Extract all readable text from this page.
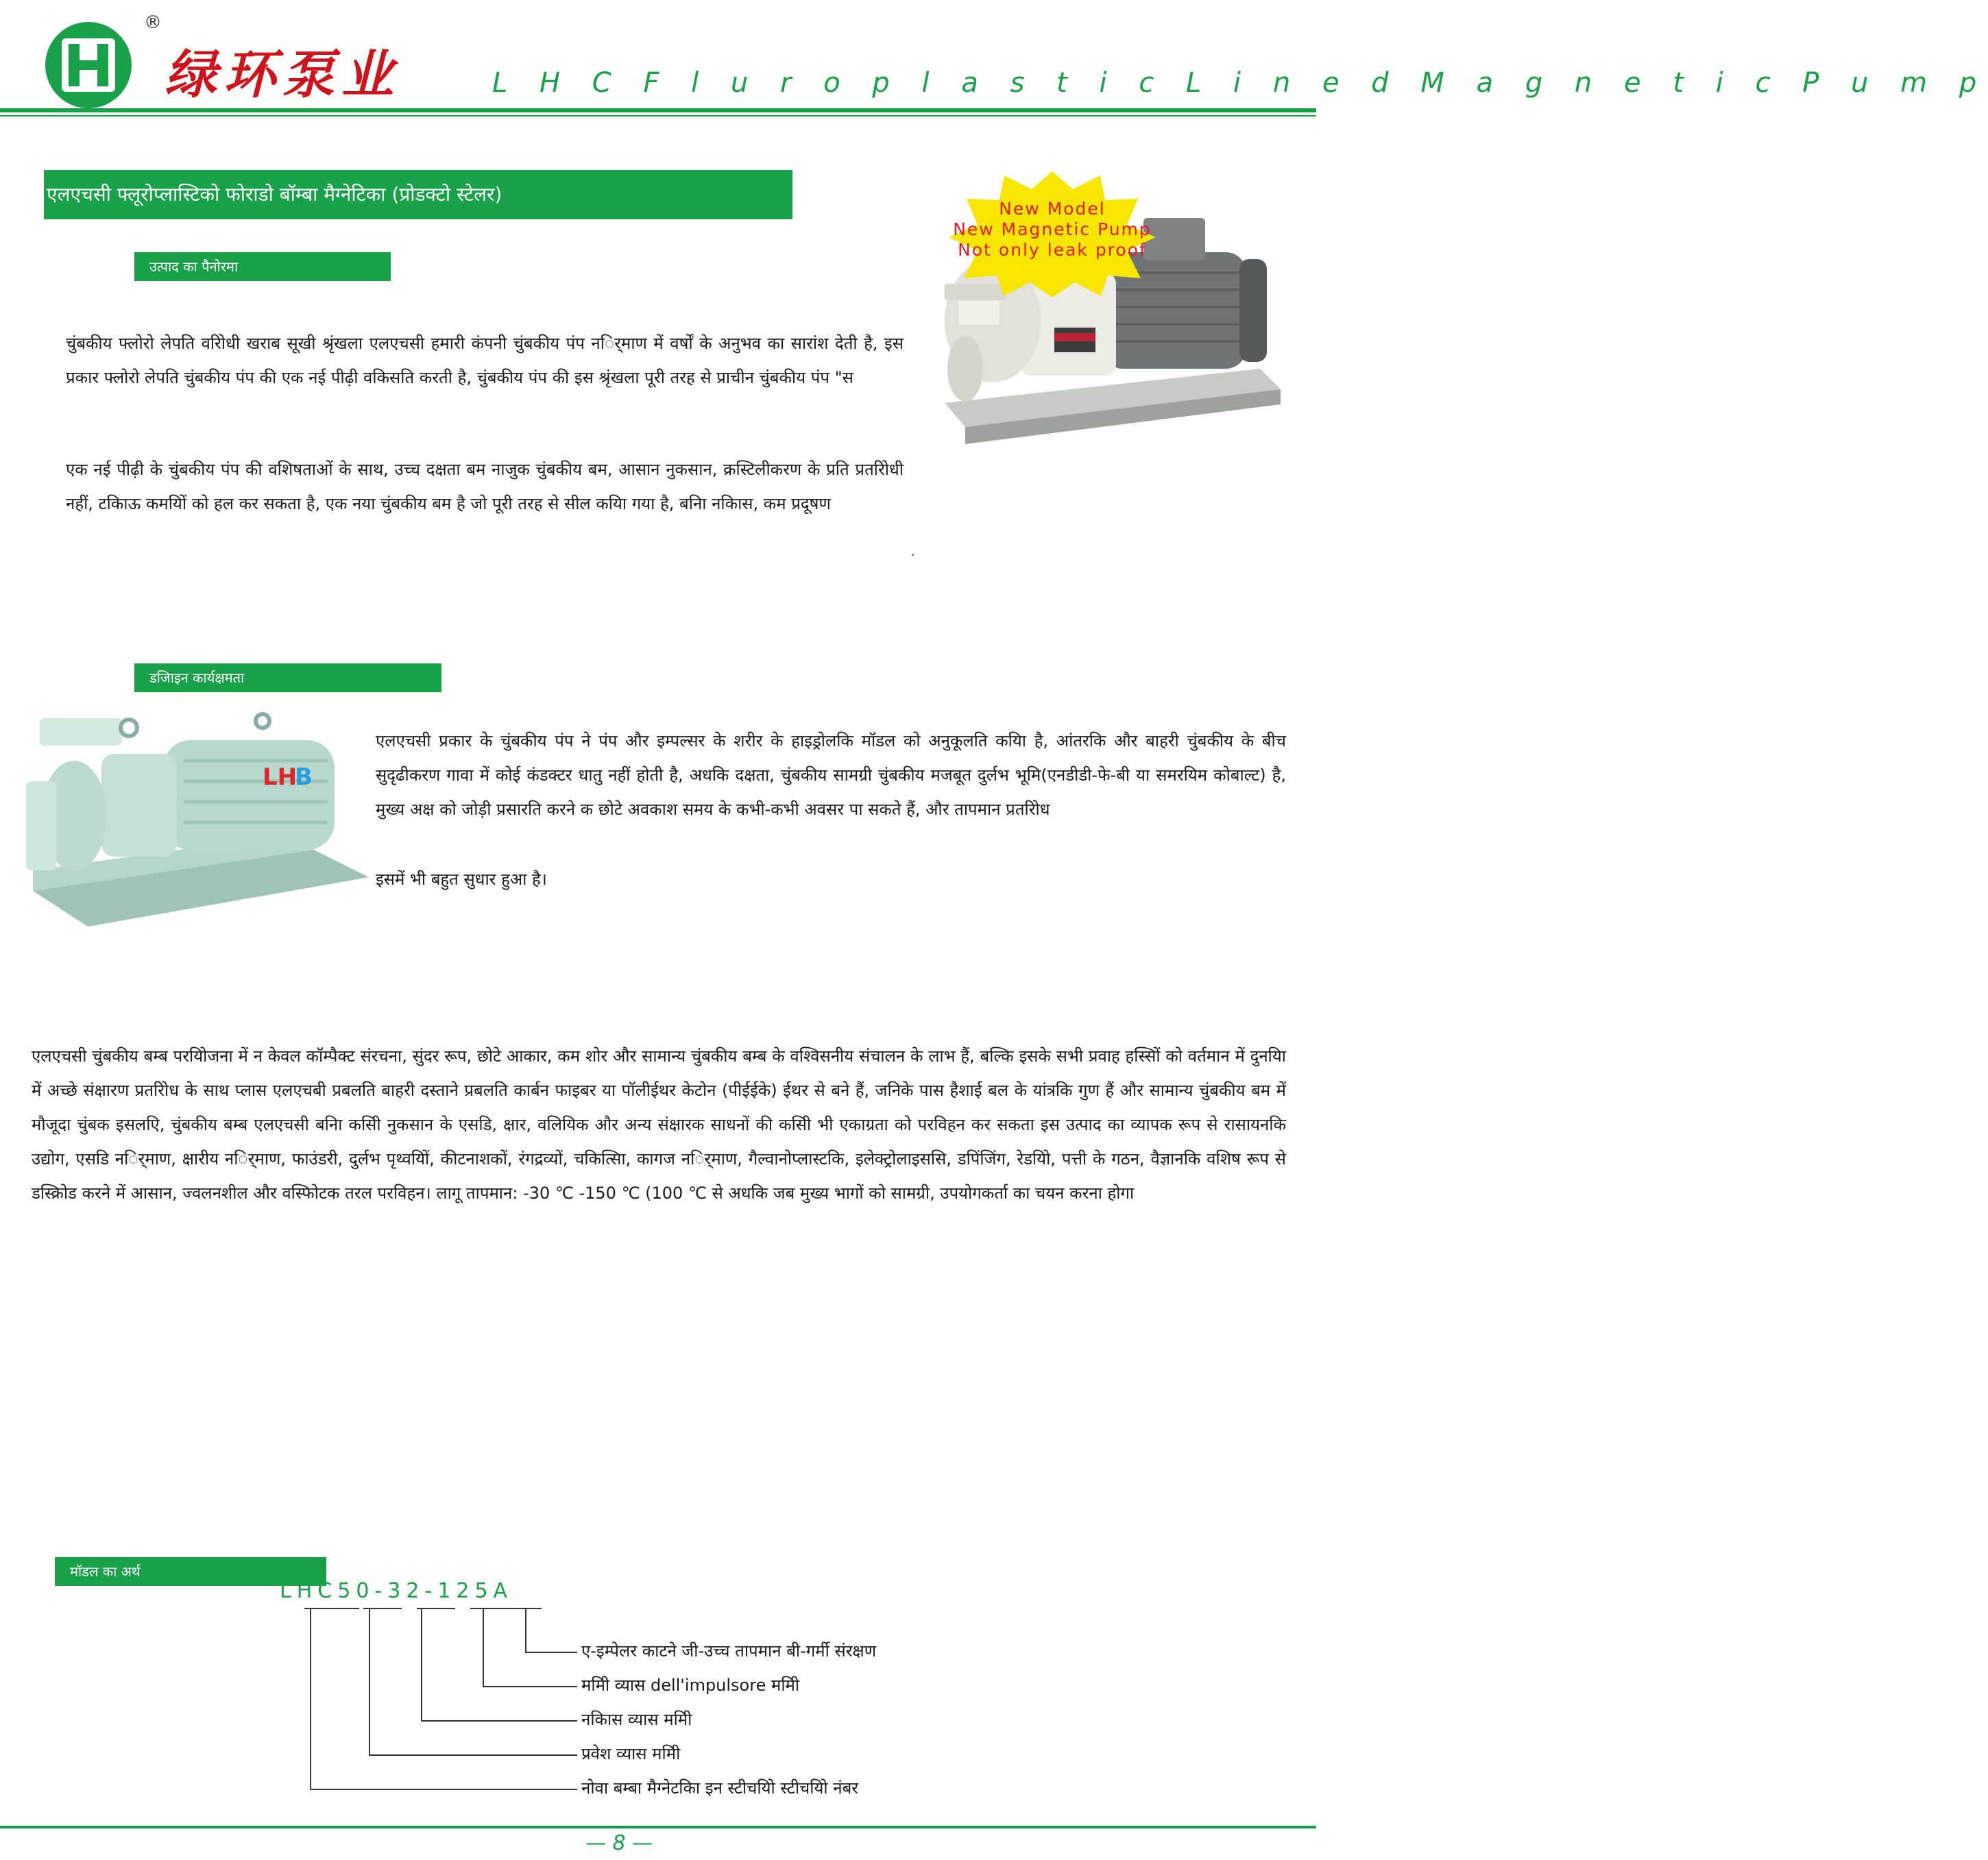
®
绿环泵业	L H C F l u r o p l a s t i c L i n e d M a g n e t i c P u m p
एलएचसी फ्लूरोप्लास्टिको फोराडो बॉम्बा मैग्नेटिका (प्रोडक्टो स्टेलर)
उत्पाद का पैनोरमा
चुंबकीय फ्लोरो लेपति वरिोधी खराब सूखी श्रृंखला एलएचसी हमारी कंपनी चुंबकीय पंप नर्िमाण में वर्षों के अनुभव का सारांश देती है, इस प्रकार फ्लोरो लेपति चुंबकीय पंप की एक नई पीढ़ी वकिसति करती है, चुंबकीय पंप की इस श्रृंखला पूरी तरह से प्राचीन चुंबकीय पंप "स
एक नई पीढ़ी के चुंबकीय पंप की वशिषताओं के साथ, उच्च दक्षता बम नाजुक चुंबकीय बम, आसान नुकसान, क्रस्टिलीकरण के प्रत‌ि प्रतरिोधी नहीं, टकिाऊ कमयिों को हल कर सकता है, एक नया चुंबकीय बम है जो पूरी तरह से सील कयिा गया है, बनिा नकिास, कम प्रदूषण
New Model
New Magnetic Pump
Not only leak proof
डजिाइन कार्यक्षमता
LH
B
एलएचसी प्रकार के चुंबकीय पंप ने पंप और इम्पल्सर के शरीर के हाइड्रोलकि मॉडल को अनुकूलति कयिा है, आंतरकि और बाहरी चुंबकीय के बीच सुदृढीकरण गावा में कोई कंडक्टर धातु नहीं होती है, अधकि दक्षता, चुंबकीय सामग्री चुंबकीय मजबूत दुर्लभ भूम‌ि(एनडीडी-फे-बी या समरयिम कोबाल्ट) है, मुख्य अक्ष को जोड़ी प्रसारति करने क छोटे अवकाश समय के कभी-कभी अवसर पा सकते हैं, और तापमान प्रतरिोध
इसमें भी बहुत सुधार हुआ है।
एलएचसी चुंबकीय बम्ब परयिोजना में न केवल कॉम्पैक्ट संरचना, सुंदर रूप, छोटे आकार, कम शोर और सामान्य चुंबकीय बम्ब के वश्विसनीय संचालन के लाभ हैं, बल्क‌ि इसके सभी प्रवाह हस्सिों को वर्तमान में दुनयिा में अच्छे संक्षारण प्रतरिोध के साथ प्लास एलएचबी प्रबलति बाहरी दस्ताने प्रबलति कार्बन फाइबर या पॉलीईथर केटोन (पीईईके) ईथर से बने हैं, जनिके पास हैशाई बल के यांत्रकि गुण हैं और सामान्य चुंबकीय बम में मौजूदा चुंबक इसलएि, चुंबकीय बम्ब एलएचसी बनिा कसिी नुकसान के एसडि, क्षार, वलियिक और अन्य संक्षारक साधनों की कसिी भी एकाग्रता को परविहन कर सकता इस उत्पाद का व्यापक रूप से रासायनकि उद्योग, एसडि नर्िमाण, क्षारीय नर्िमाण, फाउंडरी, दुर्लभ पृथ्वयिों, कीटनाशकों, रंगद्रव्यों, चकित्सिा, कागज नर्िमाण, गैल्वानोप्लास्टकि, इलेक्ट्रोलाइससि, डपिंजिंग, रेडयिो, पत्ती के गठन, वैज्ञानकि वशिष रूप से डस्क्रिोड करने में आसान, ज्वलनशील और वस्फिोटक तरल परविहन। लागू तापमान: -30 ℃ -150 ℃ (100 ℃ से अधकि जब मुख्य भागों को सामग्री, उपयोगकर्ता का चयन करना होगा
मॉडल का अर्थ
LHC50-32-125A
ए-इम्पेलर काटने जी-उच्च तापमान बी-गर्मी संरक्षण
ममिी व्यास dell'impulsore ममिी
नकिास व्यास ममिी
प्रवेश व्यास ममिी
नोवा बम्बा मैग्नेटकिा इन स्टीचयिो स्टीचयिो नंबर
— 8 —
